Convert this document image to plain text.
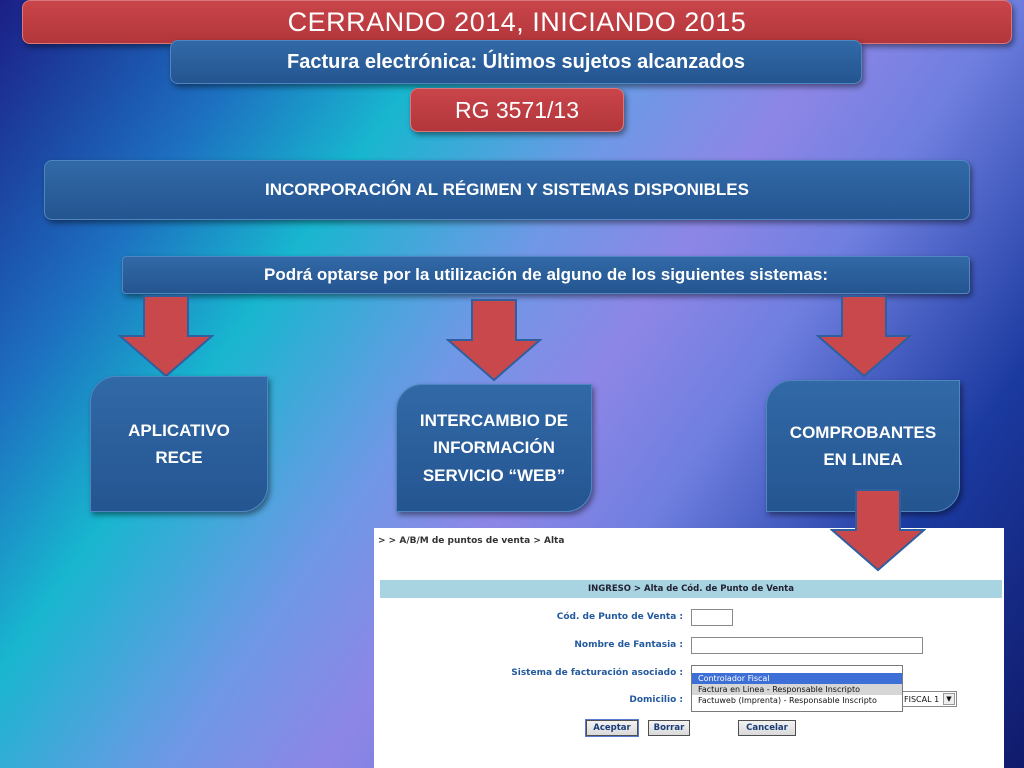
CERRANDO 2014, INICIANDO 2015
Factura electrónica: Últimos sujetos alcanzados
RG 3571/13
INCORPORACIÓN AL RÉGIMEN Y SISTEMAS DISPONIBLES
Podrá optarse por la utilización de alguno de los siguientes sistemas:
APLICATIVO
RECE
INTERCAMBIO DE
INFORMACIÓN
SERVICIO “WEB”
COMPROBANTES
EN LINEA
> > A/B/M de puntos de venta > Alta
INGRESO > Alta de Cód. de Punto de Venta
Cód. de Punto de Venta :
Nombre de Fantasia :
Sistema de facturación asociado :
Domicilio :	FISCAL 1	▼
Controlador Fiscal
Factura en Linea - Responsable Inscripto
Factuweb (Imprenta) - Responsable Inscripto
Aceptar	Borrar	Cancelar
